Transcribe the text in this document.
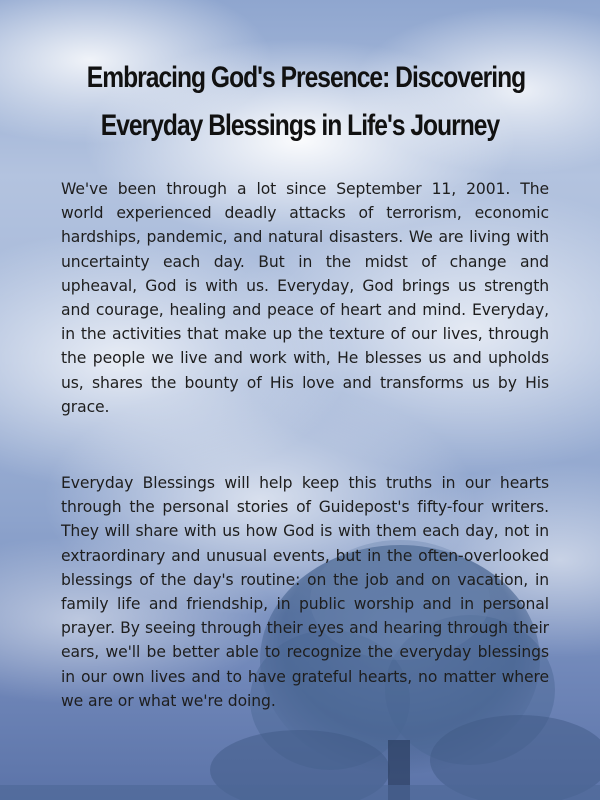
Embracing God's Presence: Discovering
Everyday Blessings in Life's Journey

We've been through a lot since September 11, 2001. The world experienced deadly attacks of terrorism, economic hardships, pandemic, and natural disasters. We are living with uncertainty each day. But in the midst of change and upheaval, God is with us. Everyday, God brings us strength and courage, healing and peace of heart and mind. Everyday, in the activities that make up the texture of our lives, through the people we live and work with, He blesses us and upholds us, shares the bounty of His love and transforms us by His grace.

Everyday Blessings will help keep this truths in our hearts through the personal stories of Guidepost's fifty-four writers. They will share with us how God is with them each day, not in extraordinary and unusual events, but in the often-overlooked blessings of the day's routine: on the job and on vacation, in family life and friendship, in public worship and in personal prayer. By seeing through their eyes and hearing through their ears, we'll be better able to recognize the everyday blessings in our own lives and to have grateful hearts, no matter where we are or what we're doing.
